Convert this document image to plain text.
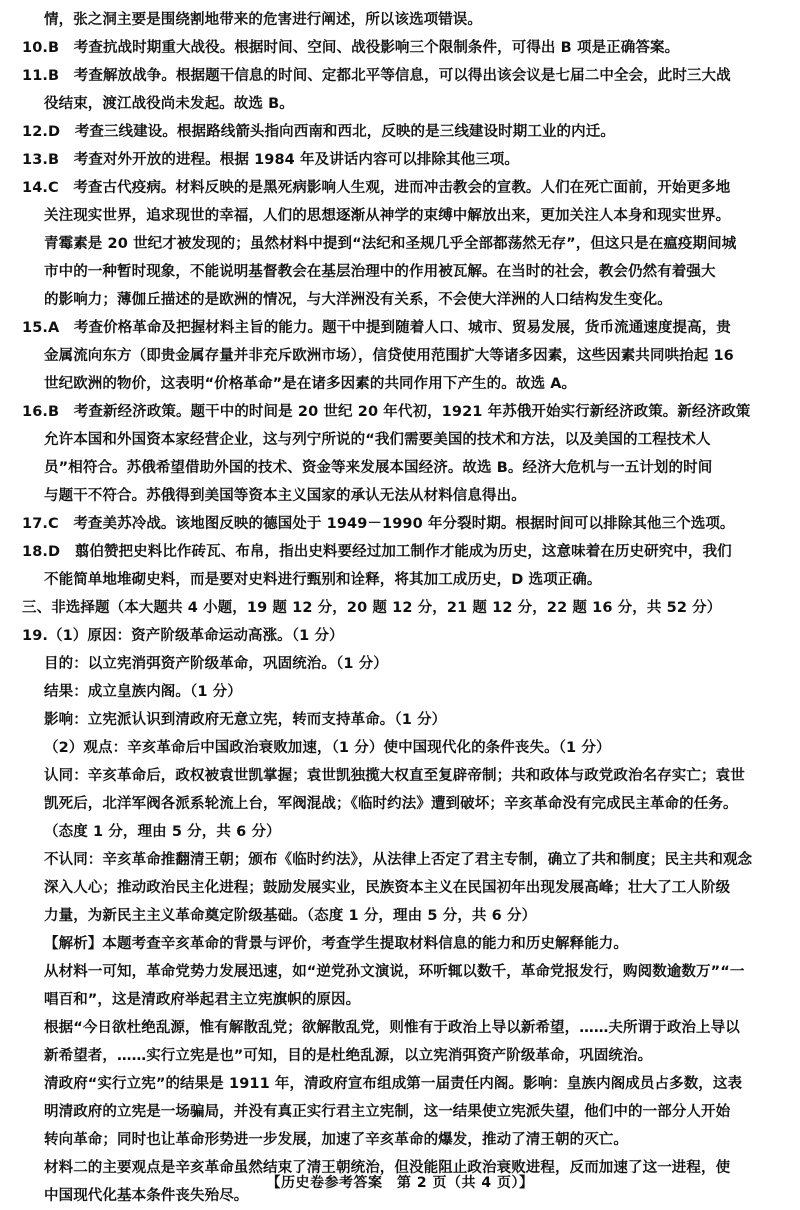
情，张之洞主要是围绕割地带来的危害进行阐述，所以该选项错误。
10.B　考查抗战时期重大战役。根据时间、空间、战役影响三个限制条件，可得出 B 项是正确答案。
11.B　考查解放战争。根据题干信息的时间、定都北平等信息，可以得出该会议是七届二中全会，此时三大战
役结束，渡江战役尚未发起。故选 B。
12.D　考查三线建设。根据路线箭头指向西南和西北，反映的是三线建设时期工业的内迁。
13.B　考查对外开放的进程。根据 1984 年及讲话内容可以排除其他三项。
14.C　考查古代疫病。材料反映的是黑死病影响人生观，进而冲击教会的宣教。人们在死亡面前，开始更多地
关注现实世界，追求现世的幸福，人们的思想逐渐从神学的束缚中解放出来，更加关注人本身和现实世界。
青霉素是 20 世纪才被发现的；虽然材料中提到“法纪和圣规几乎全部都荡然无存”，但这只是在瘟疫期间城
市中的一种暂时现象，不能说明基督教会在基层治理中的作用被瓦解。在当时的社会，教会仍然有着强大
的影响力；薄伽丘描述的是欧洲的情况，与大洋洲没有关系，不会使大洋洲的人口结构发生变化。
15.A　考查价格革命及把握材料主旨的能力。题干中提到随着人口、城市、贸易发展，货币流通速度提高，贵
金属流向东方（即贵金属存量并非充斥欧洲市场），信贷使用范围扩大等诸多因素，这些因素共同哄抬起 16
世纪欧洲的物价，这表明“价格革命”是在诸多因素的共同作用下产生的。故选 A。
16.B　考查新经济政策。题干中的时间是 20 世纪 20 年代初，1921 年苏俄开始实行新经济政策。新经济政策
允许本国和外国资本家经营企业，这与列宁所说的“我们需要美国的技术和方法，以及美国的工程技术人
员”相符合。苏俄希望借助外国的技术、资金等来发展本国经济。故选 B。经济大危机与一五计划的时间
与题干不符合。苏俄得到美国等资本主义国家的承认无法从材料信息得出。
17.C　考查美苏冷战。该地图反映的德国处于 1949－1990 年分裂时期。根据时间可以排除其他三个选项。
18.D　翦伯赞把史料比作砖瓦、布帛，指出史料要经过加工制作才能成为历史，这意味着在历史研究中，我们
不能简单地堆砌史料，而是要对史料进行甄别和诠释，将其加工成历史，D 选项正确。
三、非选择题（本大题共 4 小题，19 题 12 分，20 题 12 分，21 题 12 分，22 题 16 分，共 52 分）
19.（1）原因：资产阶级革命运动高涨。（1 分）
目的：以立宪消弭资产阶级革命，巩固统治。（1 分）
结果：成立皇族内阁。（1 分）
影响：立宪派认识到清政府无意立宪，转而支持革命。（1 分）
（2）观点：辛亥革命后中国政治衰败加速，（1 分）使中国现代化的条件丧失。（1 分）
认同：辛亥革命后，政权被袁世凯掌握；袁世凯独揽大权直至复辟帝制；共和政体与政党政治名存实亡；袁世
凯死后，北洋军阀各派系轮流上台，军阀混战；《临时约法》遭到破坏；辛亥革命没有完成民主革命的任务。
（态度 1 分，理由 5 分，共 6 分）
不认同：辛亥革命推翻清王朝；颁布《临时约法》，从法律上否定了君主专制，确立了共和制度；民主共和观念
深入人心；推动政治民主化进程；鼓励发展实业，民族资本主义在民国初年出现发展高峰；壮大了工人阶级
力量，为新民主主义革命奠定阶级基础。（态度 1 分，理由 5 分，共 6 分）
【解析】本题考查辛亥革命的背景与评价，考查学生提取材料信息的能力和历史解释能力。
从材料一可知，革命党势力发展迅速，如“逆党孙文演说，环听辄以数千，革命党报发行，购阅数逾数万”“一
唱百和”，这是清政府举起君主立宪旗帜的原因。
根据“今日欲杜绝乱源，惟有解散乱党；欲解散乱党，则惟有于政治上导以新希望，……夫所谓于政治上导以
新希望者，……实行立宪是也”可知，目的是杜绝乱源，以立宪消弭资产阶级革命，巩固统治。
清政府“实行立宪”的结果是 1911 年，清政府宣布组成第一届责任内阁。影响：皇族内阁成员占多数，这表
明清政府的立宪是一场骗局，并没有真正实行君主立宪制，这一结果使立宪派失望，他们中的一部分人开始
转向革命；同时也让革命形势进一步发展，加速了辛亥革命的爆发，推动了清王朝的灭亡。
材料二的主要观点是辛亥革命虽然结束了清王朝统治，但没能阻止政治衰败进程，反而加速了这一进程，使
中国现代化基本条件丧失殆尽。
【历史卷参考答案　第 2 页（共 4 页）】
